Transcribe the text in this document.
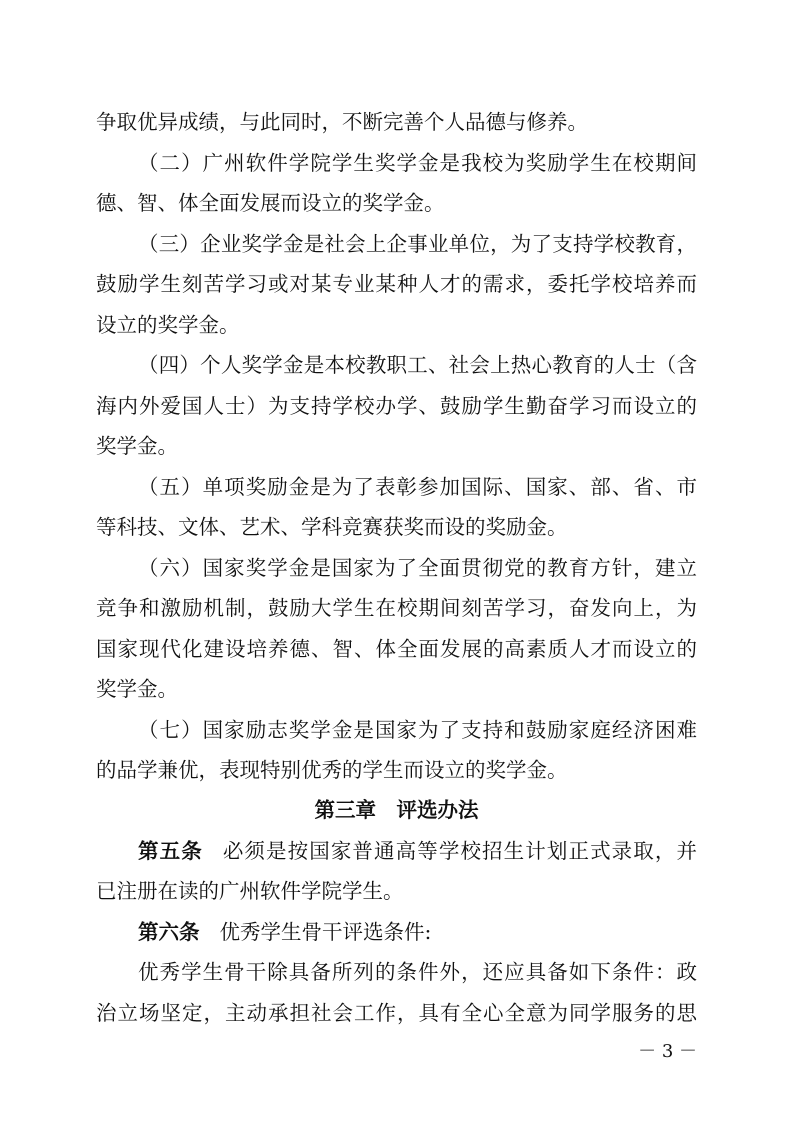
争取优异成绩，与此同时，不断完善个人品德与修养。
（二）广州软件学院学生奖学金是我校为奖励学生在校期间
德、智、体全面发展而设立的奖学金。
（三）企业奖学金是社会上企事业单位，为了支持学校教育，
鼓励学生刻苦学习或对某专业某种人才的需求，委托学校培养而
设立的奖学金。
（四）个人奖学金是本校教职工、社会上热心教育的人士（含
海内外爱国人士）为支持学校办学、鼓励学生勤奋学习而设立的
奖学金。
（五）单项奖励金是为了表彰参加国际、国家、部、省、市
等科技、文体、艺术、学科竞赛获奖而设的奖励金。
（六）国家奖学金是国家为了全面贯彻党的教育方针，建立
竞争和激励机制，鼓励大学生在校期间刻苦学习，奋发向上，为
国家现代化建设培养德、智、体全面发展的高素质人才而设立的
奖学金。
（七）国家励志奖学金是国家为了支持和鼓励家庭经济困难
的品学兼优，表现特别优秀的学生而设立的奖学金。
第三章　评选办法
第五条 必须是按国家普通高等学校招生计划正式录取，并
已注册在读的广州软件学院学生。
第六条 优秀学生骨干评选条件:
优秀学生骨干除具备所列的条件外，还应具备如下条件：政
治立场坚定，主动承担社会工作，具有全心全意为同学服务的思
－ 3 －
